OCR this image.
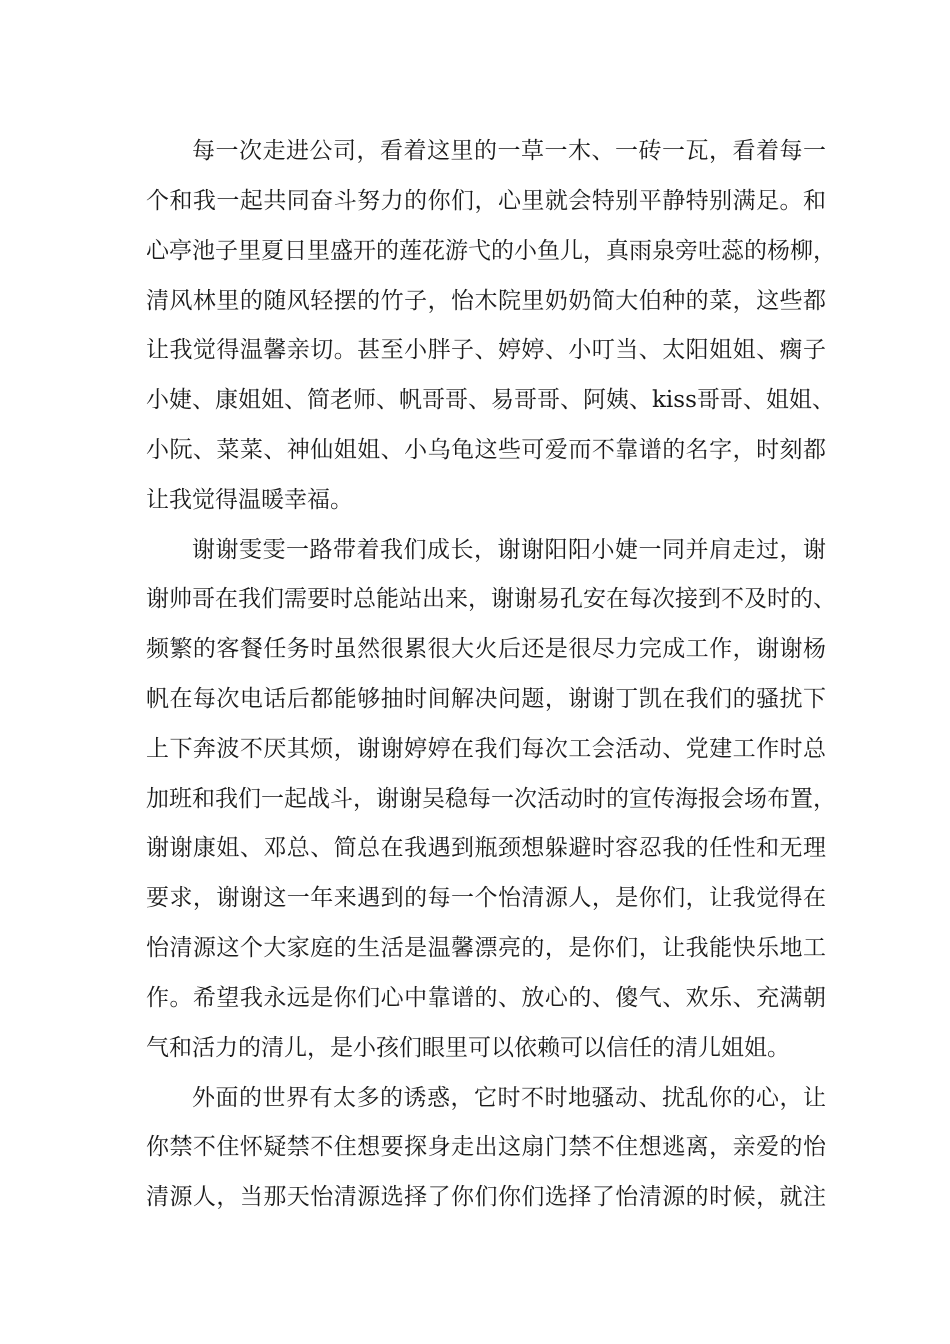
每一次走进公司，看着这里的一草一木、一砖一瓦，看着每一
个和我一起共同奋斗努力的你们，心里就会特别平静特别满足。和
心亭池子里夏日里盛开的莲花游弋的小鱼儿，真雨泉旁吐蕊的杨柳，
清风林里的随风轻摆的竹子，怡木院里奶奶简大伯种的菜，这些都
让我觉得温馨亲切。甚至小胖子、婷婷、小叮当、太阳姐姐、瘸子
小婕、康姐姐、简老师、帆哥哥、易哥哥、阿姨、kiss哥哥、姐姐、
小阮、菜菜、神仙姐姐、小乌龟这些可爱而不靠谱的名字，时刻都
让我觉得温暖幸福。
谢谢雯雯一路带着我们成长，谢谢阳阳小婕一同并肩走过，谢
谢帅哥在我们需要时总能站出来，谢谢易孔安在每次接到不及时的、
频繁的客餐任务时虽然很累很大火后还是很尽力完成工作，谢谢杨
帆在每次电话后都能够抽时间解决问题，谢谢丁凯在我们的骚扰下
上下奔波不厌其烦，谢谢婷婷在我们每次工会活动、党建工作时总
加班和我们一起战斗，谢谢吴稳每一次活动时的宣传海报会场布置，
谢谢康姐、邓总、简总在我遇到瓶颈想躲避时容忍我的任性和无理
要求，谢谢这一年来遇到的每一个怡清源人，是你们，让我觉得在
怡清源这个大家庭的生活是温馨漂亮的，是你们，让我能快乐地工
作。希望我永远是你们心中靠谱的、放心的、傻气、欢乐、充满朝
气和活力的清儿，是小孩们眼里可以依赖可以信任的清儿姐姐。
外面的世界有太多的诱惑，它时不时地骚动、扰乱你的心，让
你禁不住怀疑禁不住想要探身走出这扇门禁不住想逃离，亲爱的怡
清源人，当那天怡清源选择了你们你们选择了怡清源的时候，就注
